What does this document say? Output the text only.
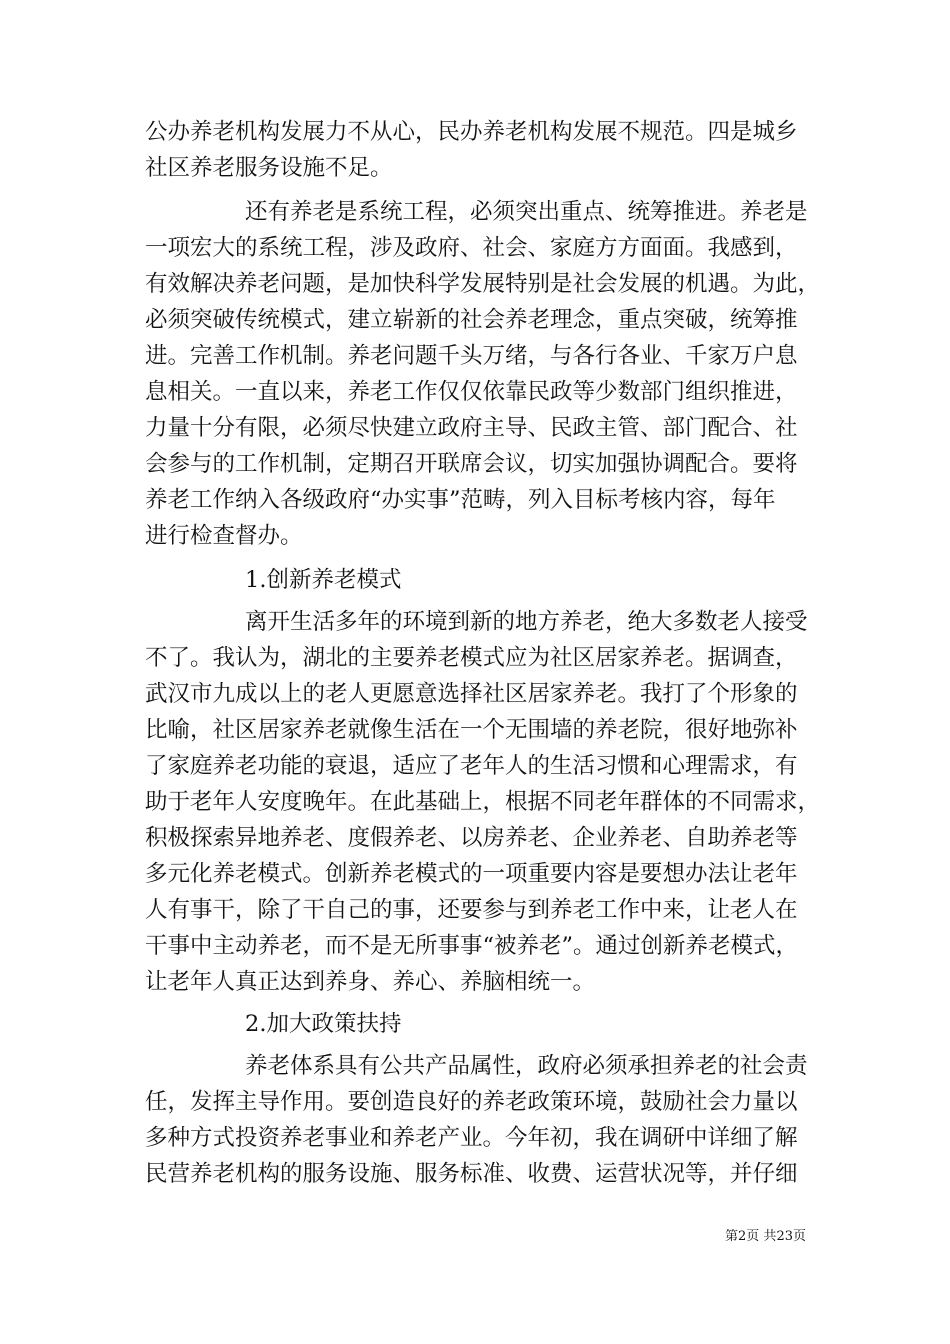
公办养老机构发展力不从心，民办养老机构发展不规范。四是城乡
社区养老服务设施不足。
还有养老是系统工程，必须突出重点、统筹推进。养老是
一项宏大的系统工程，涉及政府、社会、家庭方方面面。我感到，
有效解决养老问题，是加快科学发展特别是社会发展的机遇。为此，
必须突破传统模式，建立崭新的社会养老理念，重点突破，统筹推
进。完善工作机制。养老问题千头万绪，与各行各业、千家万户息
息相关。一直以来，养老工作仅仅依靠民政等少数部门组织推进，
力量十分有限，必须尽快建立政府主导、民政主管、部门配合、社
会参与的工作机制，定期召开联席会议，切实加强协调配合。要将
养老工作纳入各级政府“办实事”范畴，列入目标考核内容，每年
进行检查督办。
1.创新养老模式
离开生活多年的环境到新的地方养老，绝大多数老人接受
不了。我认为，湖北的主要养老模式应为社区居家养老。据调查，
武汉市九成以上的老人更愿意选择社区居家养老。我打了个形象的
比喻，社区居家养老就像生活在一个无围墙的养老院，很好地弥补
了家庭养老功能的衰退，适应了老年人的生活习惯和心理需求，有
助于老年人安度晚年。在此基础上，根据不同老年群体的不同需求，
积极探索异地养老、度假养老、以房养老、企业养老、自助养老等
多元化养老模式。创新养老模式的一项重要内容是要想办法让老年
人有事干，除了干自己的事，还要参与到养老工作中来，让老人在
干事中主动养老，而不是无所事事“被养老”。通过创新养老模式，
让老年人真正达到养身、养心、养脑相统一。
2.加大政策扶持
养老体系具有公共产品属性，政府必须承担养老的社会责
任，发挥主导作用。要创造良好的养老政策环境，鼓励社会力量以
多种方式投资养老事业和养老产业。今年初，我在调研中详细了解
民营养老机构的服务设施、服务标准、收费、运营状况等，并仔细
第2页 共23页
